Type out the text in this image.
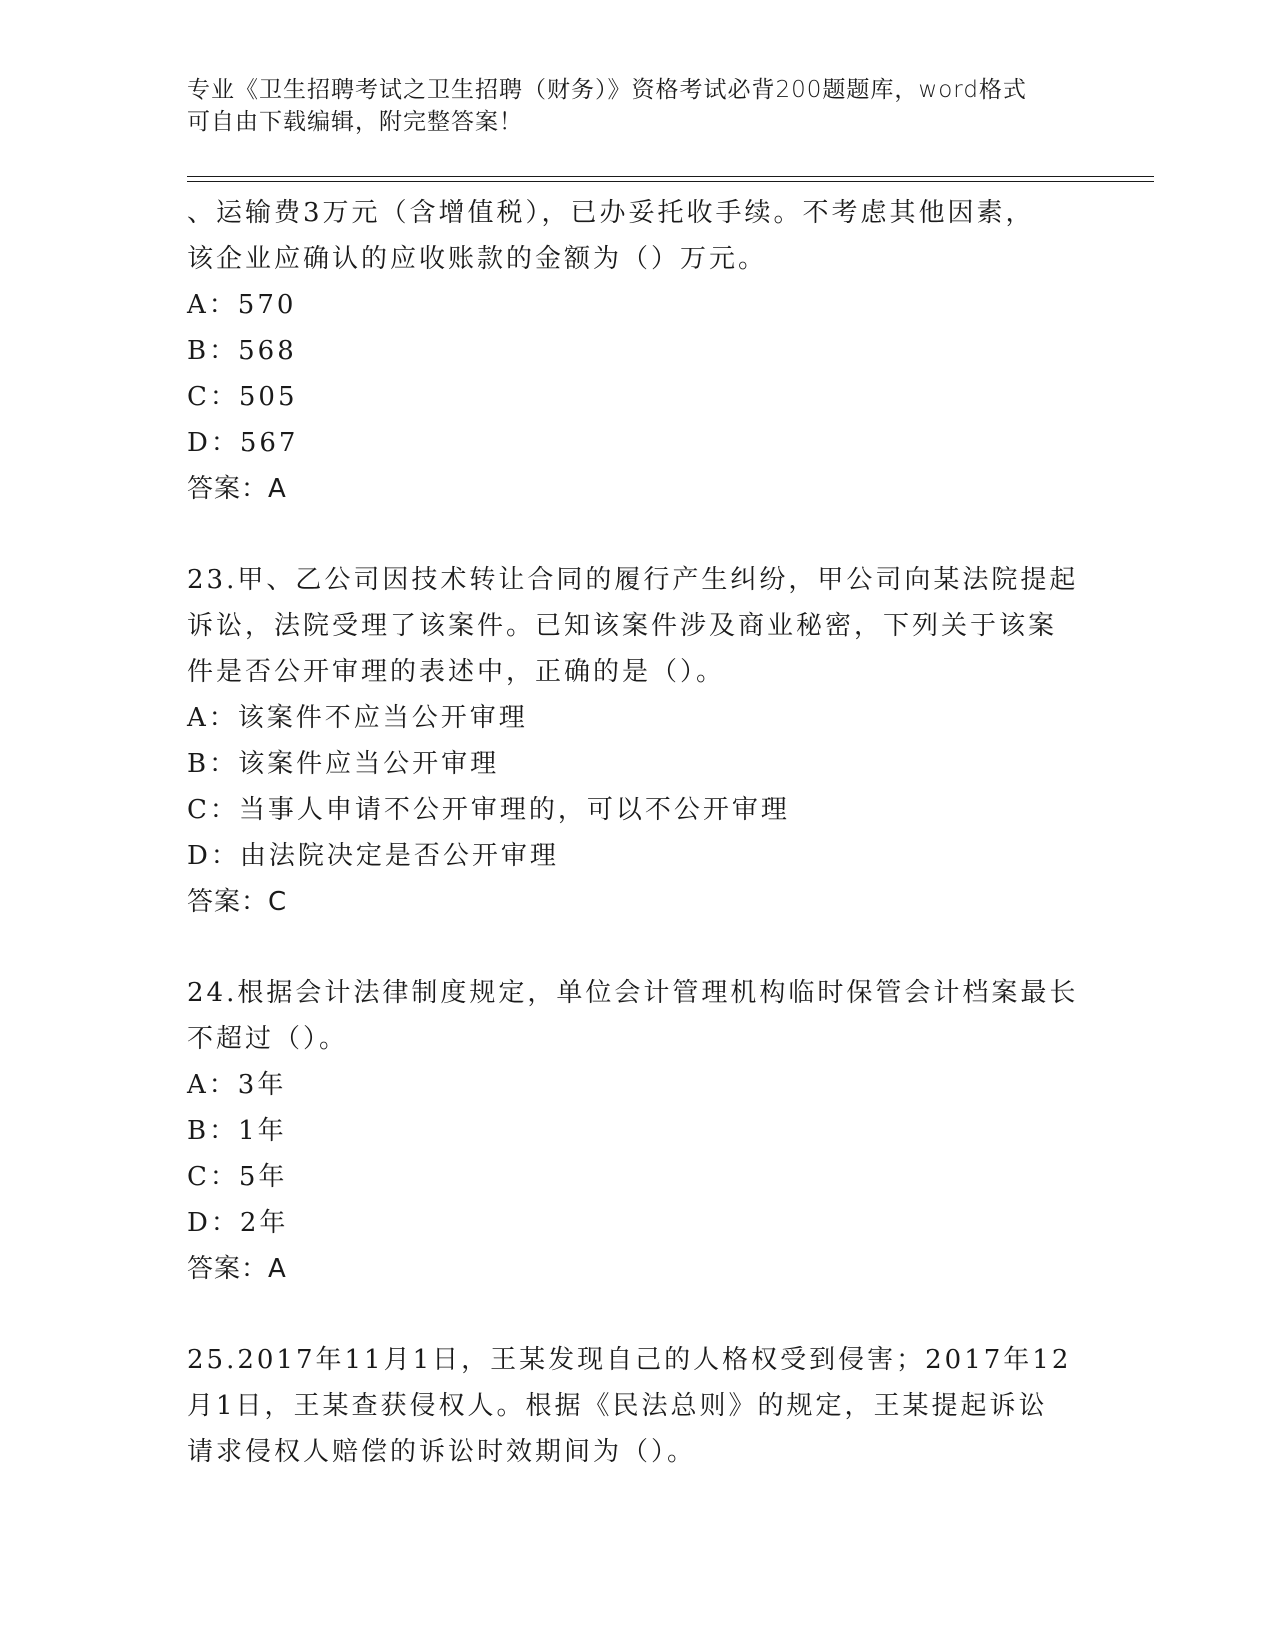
专业《卫生招聘考试之卫生招聘（财务）》资格考试必背200题题库，word格式
可自由下载编辑，附完整答案！
、运输费3万元（含增值税），已办妥托收手续。不考虑其他因素，
该企业应确认的应收账款的金额为（）万元。
A：570
B：568
C：505
D：567
答案：A
23.甲、乙公司因技术转让合同的履行产生纠纷，甲公司向某法院提起
诉讼，法院受理了该案件。已知该案件涉及商业秘密，下列关于该案
件是否公开审理的表述中，正确的是（）。
A：该案件不应当公开审理
B：该案件应当公开审理
C：当事人申请不公开审理的，可以不公开审理
D：由法院决定是否公开审理
答案：C
24.根据会计法律制度规定，单位会计管理机构临时保管会计档案最长
不超过（）。
A：3年
B：1年
C：5年
D：2年
答案：A
25.2017年11月1日，王某发现自己的人格权受到侵害；2017年12
月1日，王某查获侵权人。根据《民法总则》的规定，王某提起诉讼
请求侵权人赔偿的诉讼时效期间为（）。
